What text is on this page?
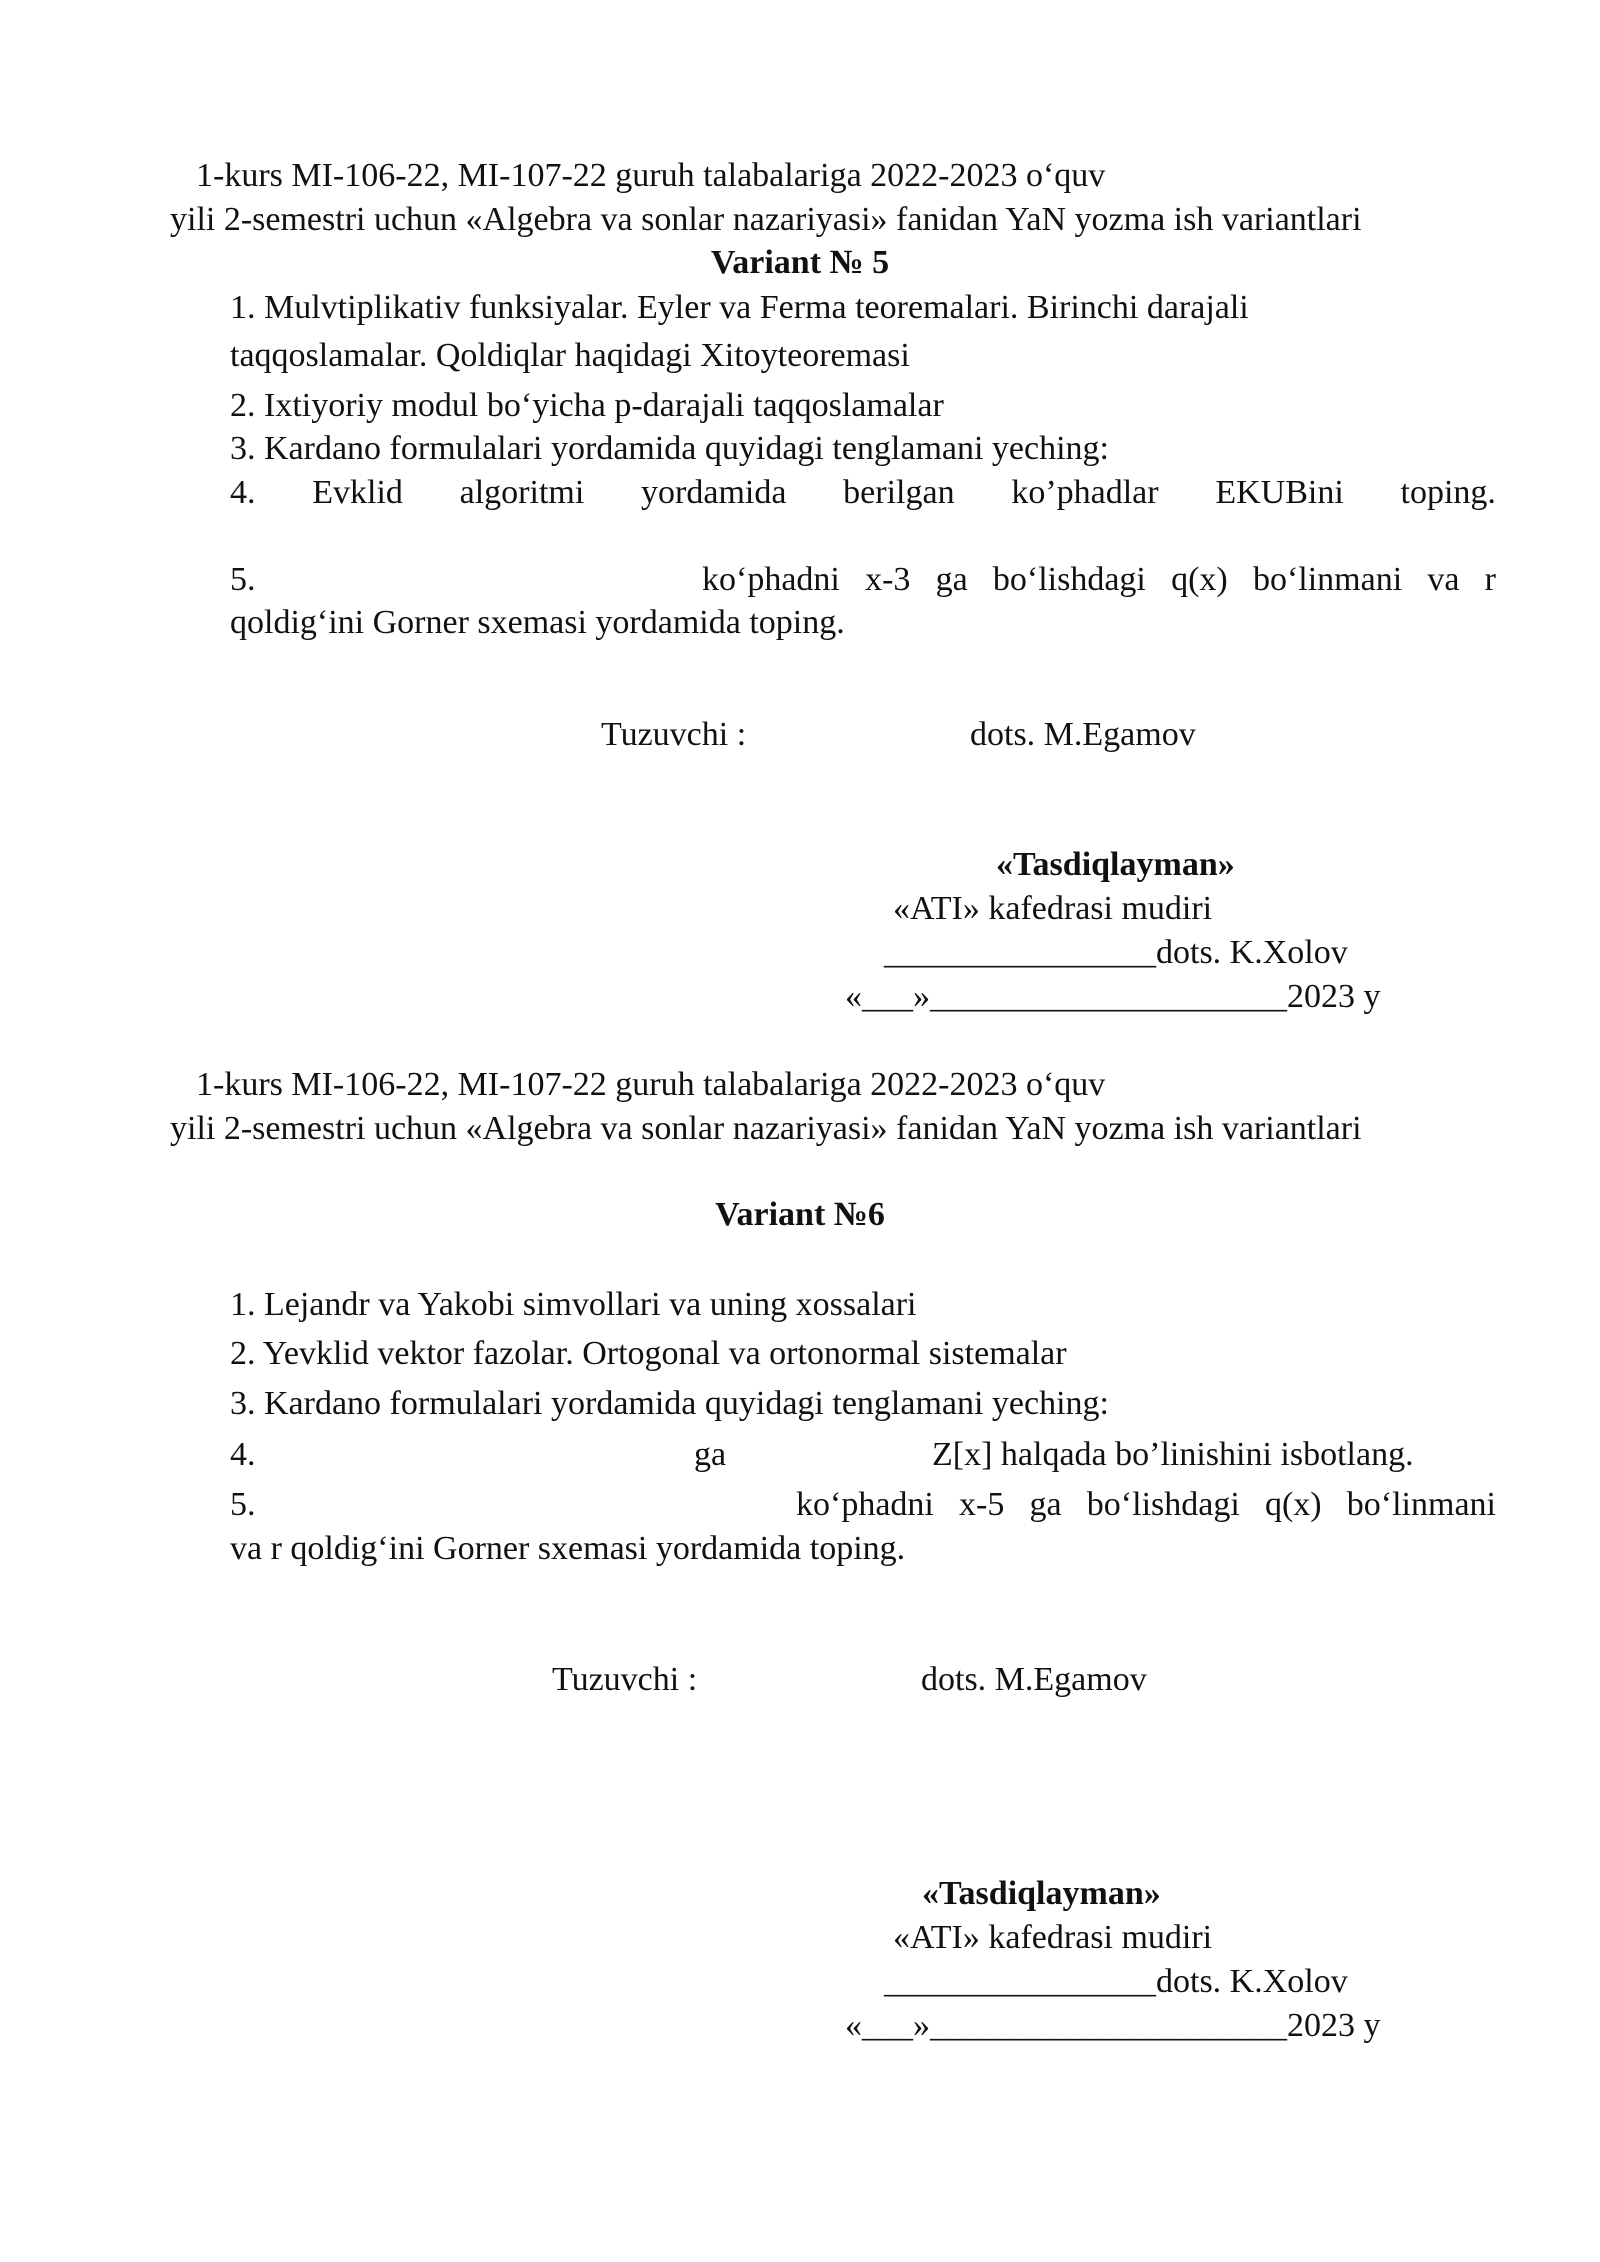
1-kurs MI-106-22, MI-107-22 guruh talabalariga 2022-2023 o‘quv
yili 2-semestri uchun «Algebra va sonlar nazariyasi» fanidan YaN yozma ish variantlari
Variant № 5
1. Mulvtiplikativ funksiyalar. Eyler va Ferma teoremalari. Birinchi darajali
taqqoslamalar. Qoldiqlar haqidagi Xitoyteoremasi
2. Ixtiyoriy modul bo‘yicha p-darajali taqqoslamalar
3. Kardano formulalari yordamida quyidagi tenglamani yeching:
4. Evklid algoritmi yordamida berilgan ko’phadlar EKUBini toping.
5.	ko‘phadni x-3 ga bo‘lishdagi q(x) bo‘linmani va r
qoldig‘ini Gorner sxemasi yordamida toping.
Tuzuvchi :	dots. M.Egamov
«Tasdiqlayman»
«ATI» kafedrasi mudiri
________________dots. K.Xolov
«___»_____________________2023 y
1-kurs MI-106-22, MI-107-22 guruh talabalariga 2022-2023 o‘quv
yili 2-semestri uchun «Algebra va sonlar nazariyasi» fanidan YaN yozma ish variantlari
Variant №6
1. Lejandr va Yakobi simvollari va uning xossalari
2. Yevklid vektor fazolar. Ortogonal va ortonormal sistemalar
3. Kardano formulalari yordamida quyidagi tenglamani yeching:
4.	ga	Z[x] halqada bo’linishini isbotlang.
5.	ko‘phadni x-5 ga bo‘lishdagi q(x) bo‘linmani
va r qoldig‘ini Gorner sxemasi yordamida toping.
Tuzuvchi :	dots. M.Egamov
«Tasdiqlayman»
«ATI» kafedrasi mudiri
________________dots. K.Xolov
«___»_____________________2023 y
